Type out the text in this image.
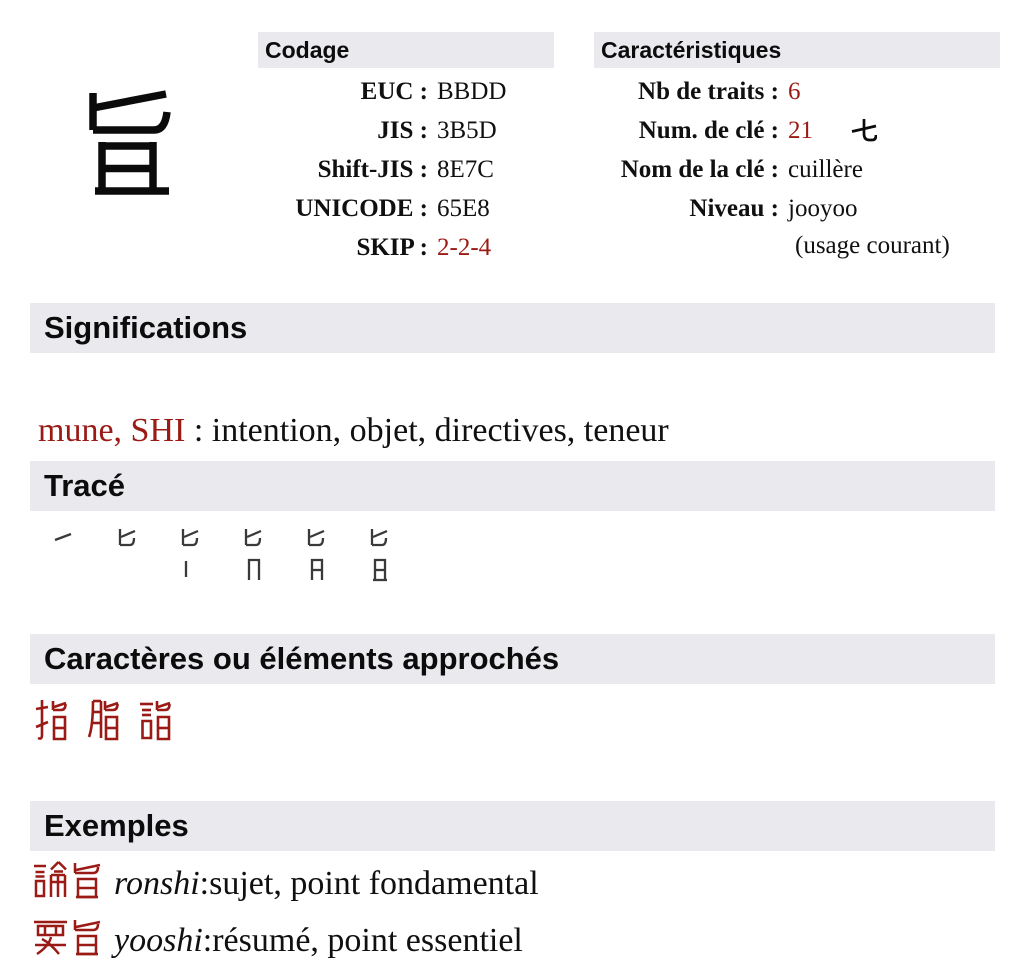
Codage
EUC : BBDD
JIS : 3B5D
Shift-JIS : 8E7C
UNICODE : 65E8
SKIP : 2-2-4
Caractéristiques
Nb de traits : 6
Num. de clé : 21
Nom de la clé : cuillère
Niveau : jooyoo
(usage courant)
Significations

mune, SHI : intention, objet, directives, teneur

Tracé
Caractères ou éléments approchés
Exemples
ronshi : sujet, point fondamental
yooshi : résumé, point essentiel
